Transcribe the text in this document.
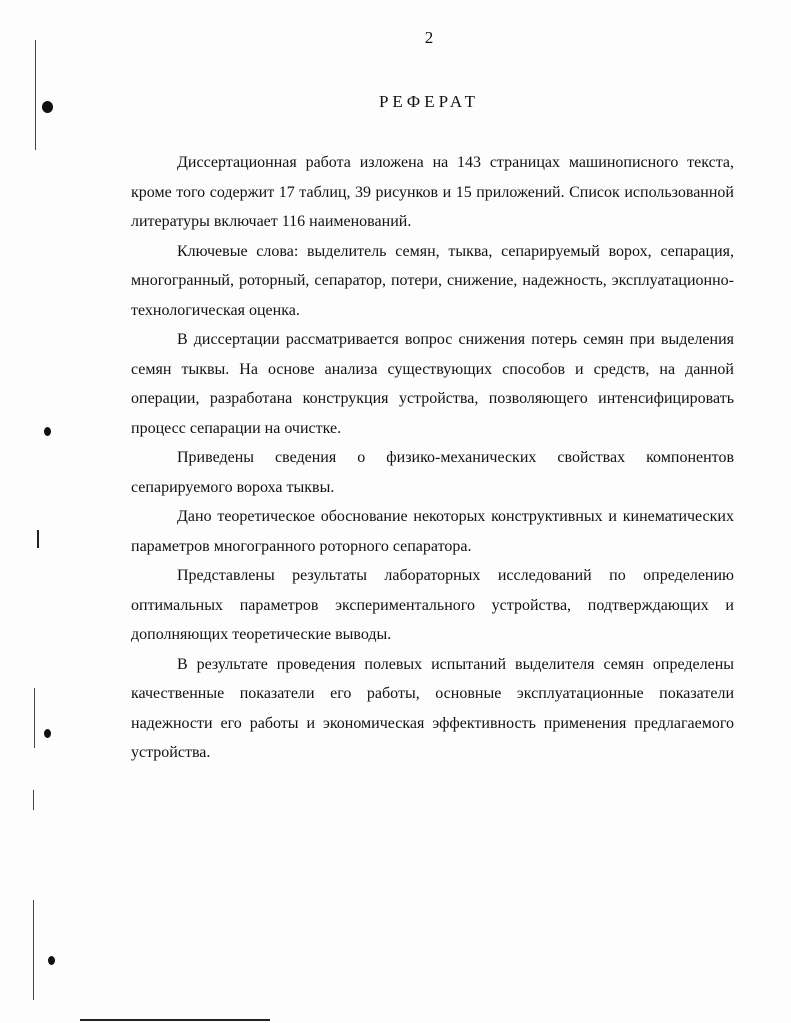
2
РЕФЕРАТ

Диссертационная работа изложена на 143 страницах машинописного текста, кроме того содержит 17 таблиц, 39 рисунков и 15 приложений. Список использованной литературы включает 116 наименований.

Ключевые слова: выделитель семян, тыква, сепарируемый ворох, сепарация, многогранный, роторный, сепаратор, потери, снижение, надежность, эксплуатационно-технологическая оценка.

В диссертации рассматривается вопрос снижения потерь семян при выделения семян тыквы. На основе анализа существующих способов и средств, на данной операции, разработана конструкция устройства, позволяющего интенсифицировать процесс сепарации на очистке.

Приведены сведения о физико-механических свойствах компонентов сепарируемого вороха тыквы.

Дано теоретическое обоснование некоторых конструктивных и кинематических параметров многогранного роторного сепаратора.

Представлены результаты лабораторных исследований по определению оптимальных параметров экспериментального устройства, подтверждающих и дополняющих теоретические выводы.

В результате проведения полевых испытаний выделителя семян определены качественные показатели его работы, основные эксплуатационные показатели надежности его работы и экономическая эффективность применения предлагаемого устройства.
